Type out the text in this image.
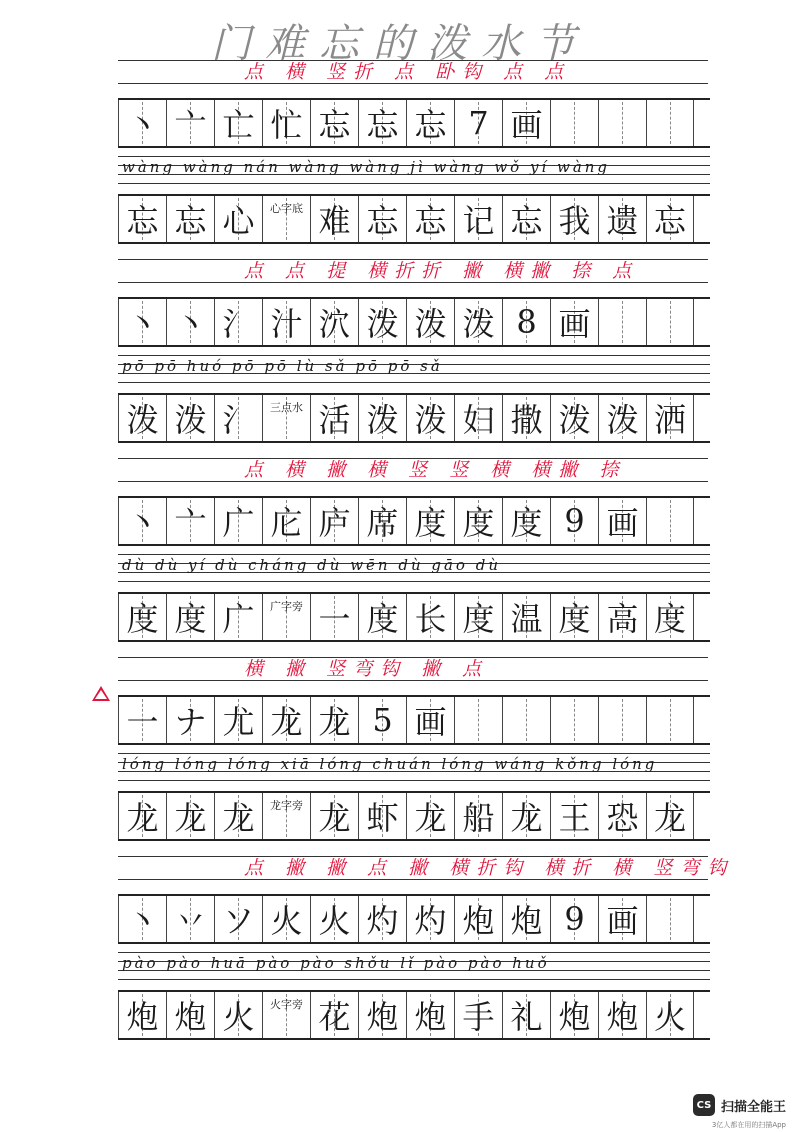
门难忘的泼水节
点 横 竖折 点 卧钩 点 点
丶 亠 亡 忙 忘 忘 忘 7 画
wàng wàng nán wàng wàng jì wàng wǒ yí wàng
忘 忘 心 心字底 难 忘 忘 记 忘 我 遗 忘
点 点 提 横折折 撇 横撇 捺 点
丶 丶 氵 汁 泬 泼 泼 泼 8 画
pō pō huó pō pō lù sǎ pō pō sǎ
泼 泼 氵 三点水 活 泼 泼 妇 撒 泼 泼 洒
点 横 撇 横 竖 竖 横 横撇 捺
丶 亠 广 庀 庐 席 度 度 度 9 画
dù dù yí dù cháng dù wēn dù gāo dù
度 度 广 广字旁 一 度 长 度 温 度 高 度
横 撇 竖弯钩 撇 点
一 ナ 尤 龙 龙 5 画
lóng lóng lóng xiā lóng chuán lóng wáng kǒng lóng
龙 龙 龙 龙字旁 龙 虾 龙 船 龙 王 恐 龙
点 撇 撇 点 撇 横折钩 横折 横 竖弯钩
丶 丷 ソ 火 火 灼 灼 炮 炮 9 画
pào pào huā pào pào shǒu lǐ pào pào huǒ
炮 炮 火 火字旁 花 炮 炮 手 礼 炮 炮 火
CS 扫描全能王
3亿人都在用的扫描App
